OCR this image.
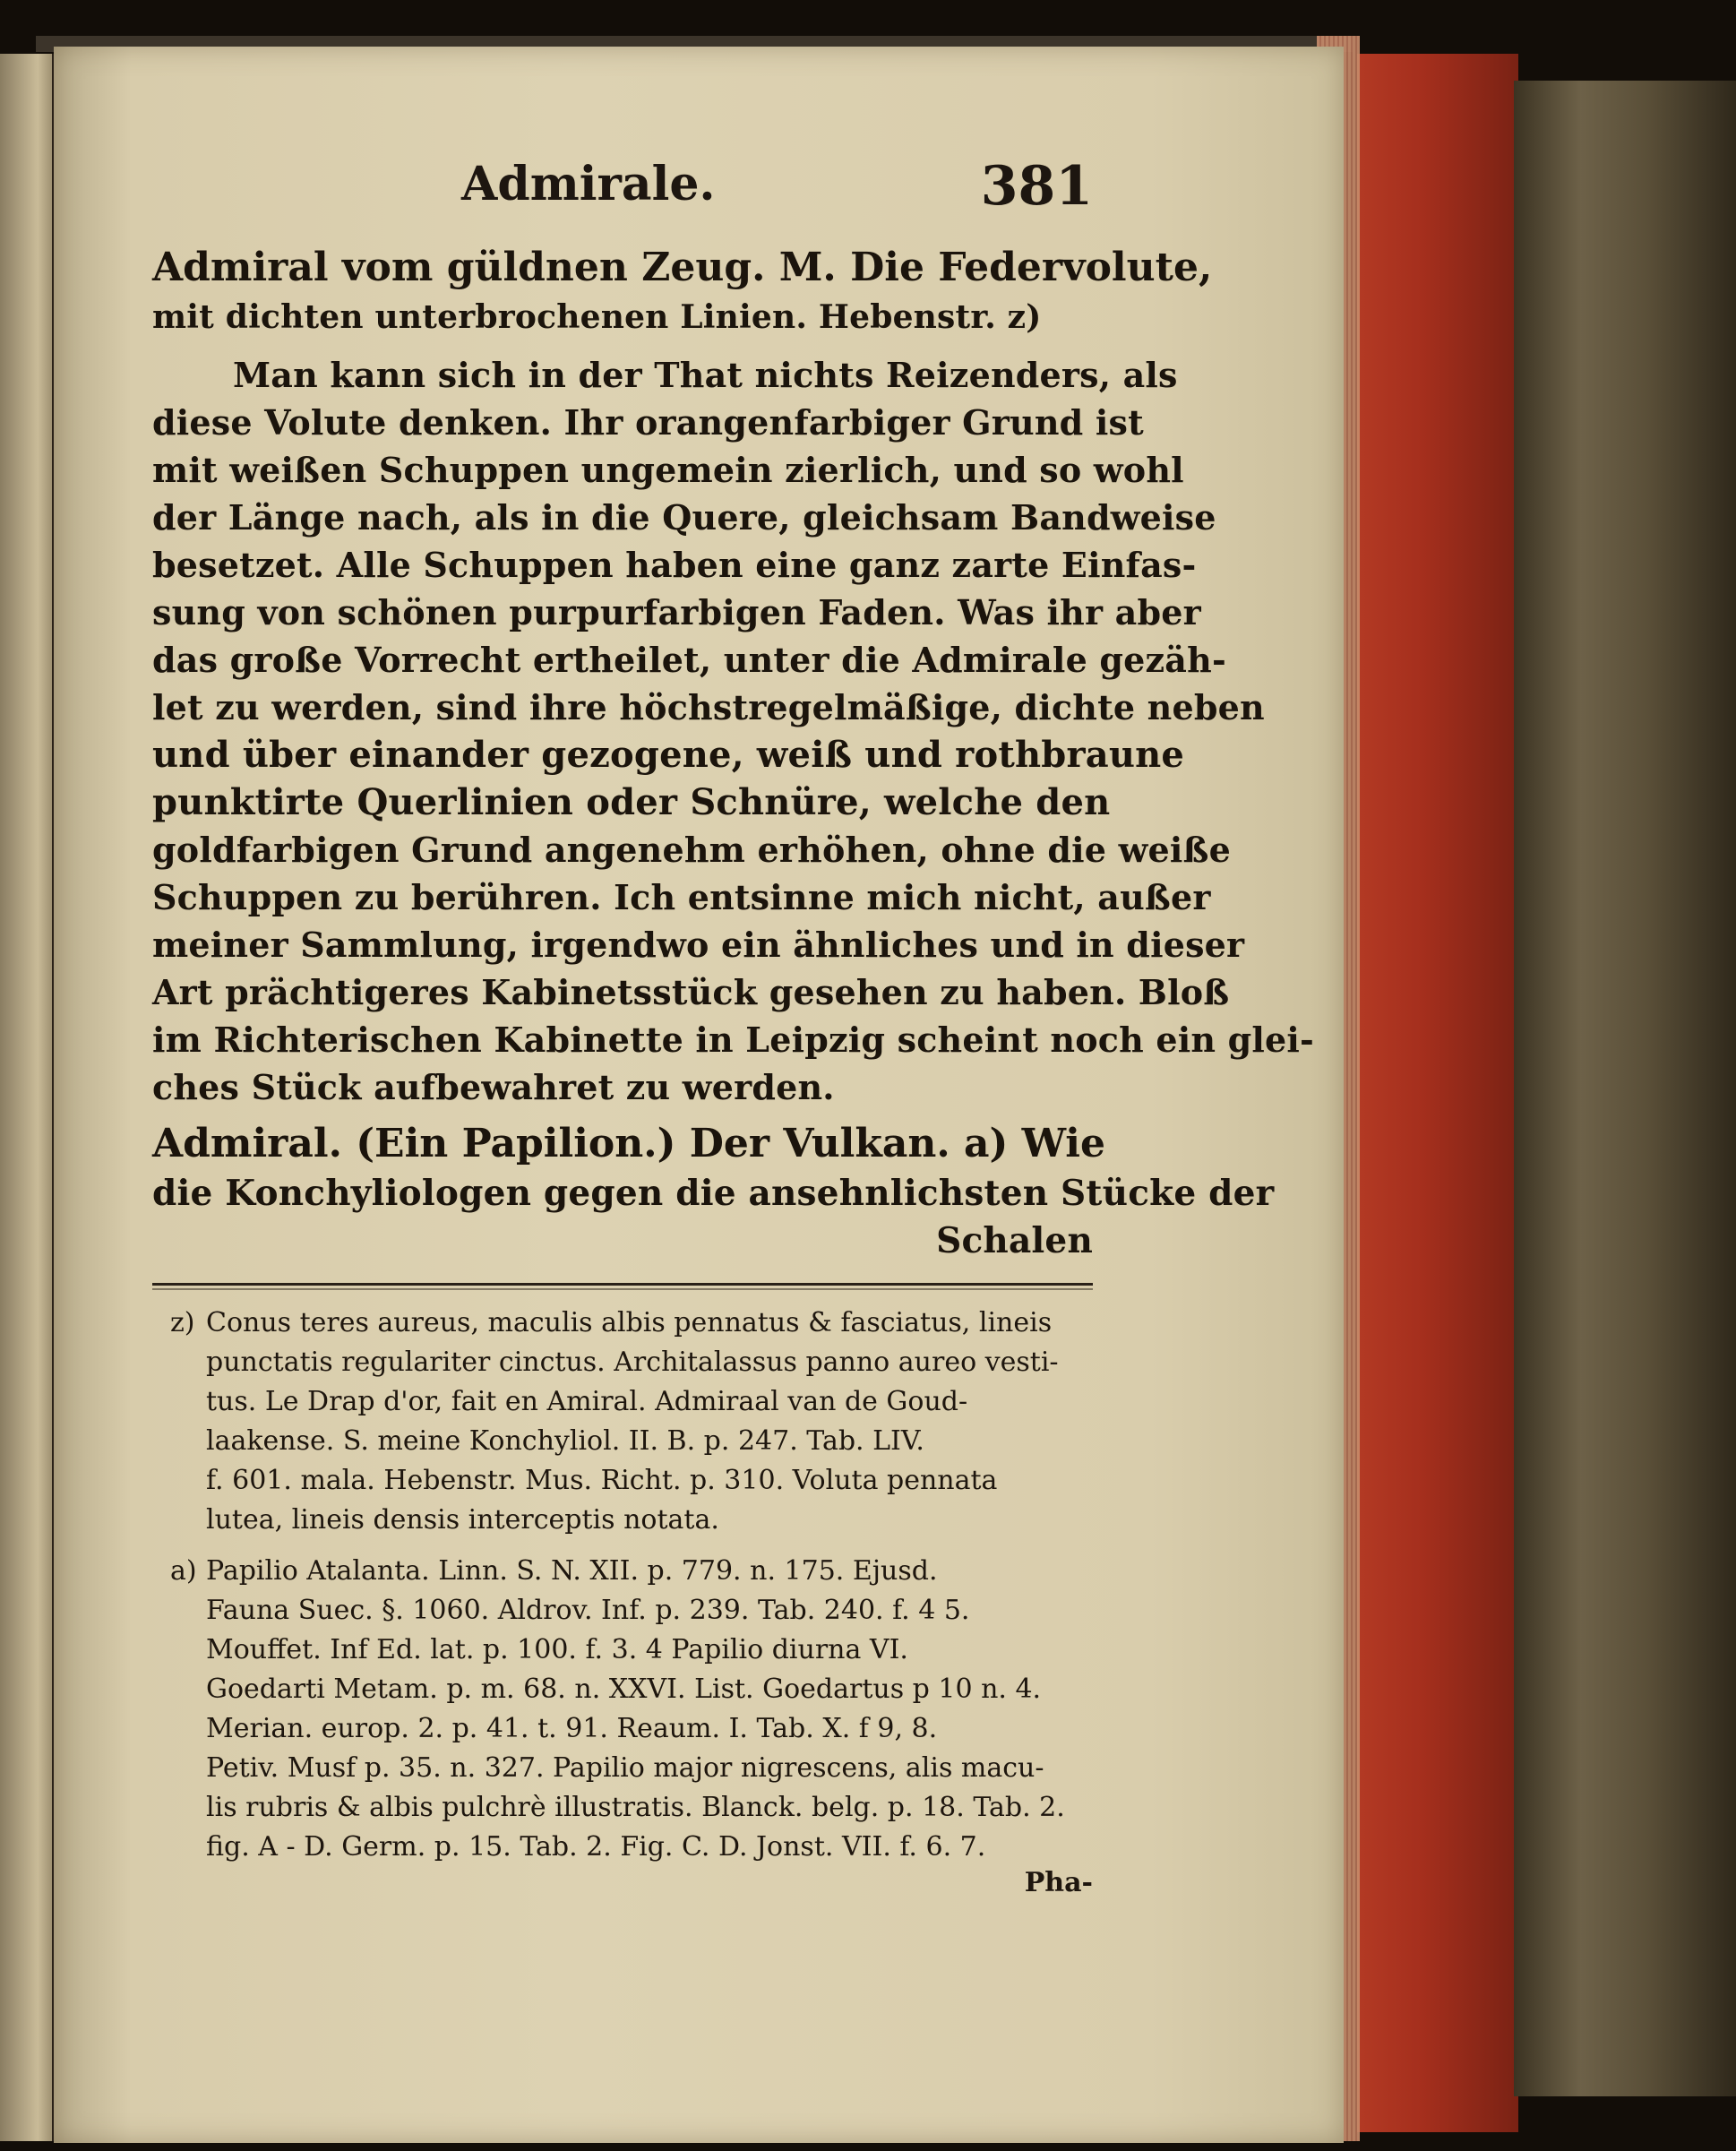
Admirale.	381
Admiral vom güldnen Zeug. M. Die Federvolute,
mit dichten unterbrochenen Linien. Hebenstr. z)
Man kann sich in der That nichts Reizenders, als
diese Volute denken. Ihr orangenfarbiger Grund ist
mit weißen Schuppen ungemein zierlich, und so wohl
der Länge nach, als in die Quere, gleichsam Bandweise
besetzet. Alle Schuppen haben eine ganz zarte Einfas-
sung von schönen purpurfarbigen Faden. Was ihr aber
das große Vorrecht ertheilet, unter die Admirale gezäh-
let zu werden, sind ihre höchstregelmäßige, dichte neben
und über einander gezogene, weiß und rothbraune
punktirte Querlinien oder Schnüre, welche den
goldfarbigen Grund angenehm erhöhen, ohne die weiße
Schuppen zu berühren. Ich entsinne mich nicht, außer
meiner Sammlung, irgendwo ein ähnliches und in dieser
Art prächtigeres Kabinetsstück gesehen zu haben. Bloß
im Richterischen Kabinette in Leipzig scheint noch ein glei-
ches Stück aufbewahret zu werden.
Admiral. (Ein Papilion.) Der Vulkan. a) Wie
die Konchyliologen gegen die ansehnlichsten Stücke der
Schalen
z) Conus teres aureus, maculis albis pennatus & fasciatus, lineis
punctatis regulariter cinctus. Architalassus panno aureo vesti-
tus. Le Drap d'or, fait en Amiral. Admiraal van de Goud-
laakense. S. meine Konchyliol. II. B. p. 247. Tab. LIV.
f. 601. mala. Hebenstr. Mus. Richt. p. 310. Voluta pennata
lutea, lineis densis interceptis notata.
a) Papilio Atalanta. Linn. S. N. XII. p. 779. n. 175. Ejusd.
Fauna Suec. §. 1060. Aldrov. Inf. p. 239. Tab. 240. f. 4 5.
Mouffet. Inf Ed. lat. p. 100. f. 3. 4 Papilio diurna VI.
Goedarti Metam. p. m. 68. n. XXVI. List. Goedartus p 10 n. 4.
Merian. europ. 2. p. 41. t. 91. Reaum. I. Tab. X. f 9, 8.
Petiv. Musf p. 35. n. 327. Papilio major nigrescens, alis macu-
lis rubris & albis pulchrè illustratis. Blanck. belg. p. 18. Tab. 2.
fig. A - D. Germ. p. 15. Tab. 2. Fig. C. D. Jonst. VII. f. 6. 7.
Pha-
